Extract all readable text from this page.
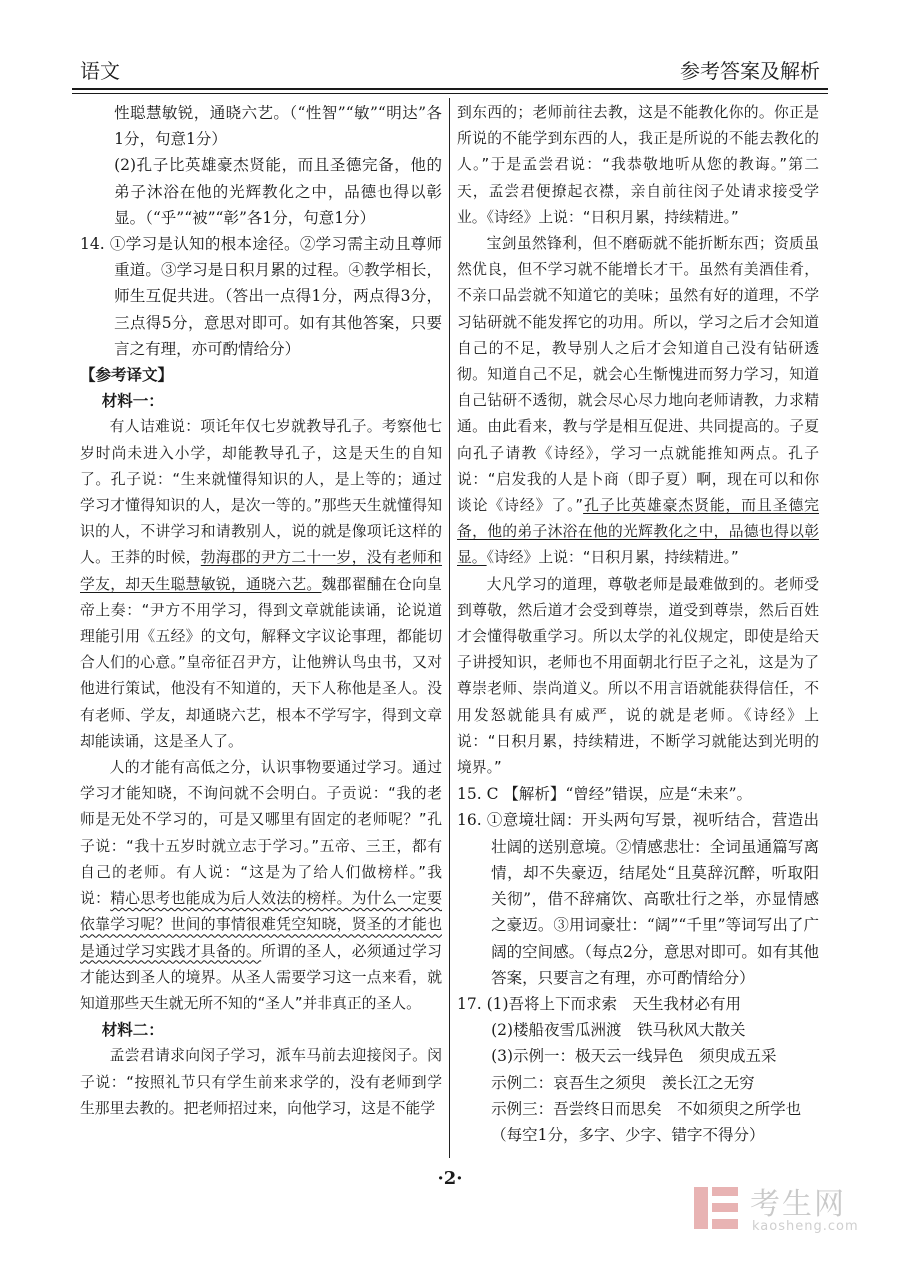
语文	参考答案及解析

性聪慧敏锐，通晓六艺。（“性智”“敏”“明达”各1分，句意1分）

(2)孔子比英雄豪杰贤能，而且圣德完备，他的弟子沐浴在他的光辉教化之中，品德也得以彰显。（“乎”“被”“彰”各1分，句意1分）

14. ①学习是认知的根本途径。②学习需主动且尊师重道。③学习是日积月累的过程。④教学相长，师生互促共进。（答出一点得1分，两点得3分，三点得5分，意思对即可。如有其他答案，只要言之有理，亦可酌情给分）

【参考译文】

材料一：

有人诘难说：项讬年仅七岁就教导孔子。考察他七岁时尚未进入小学，却能教导孔子，这是天生的自知了。孔子说：“生来就懂得知识的人，是上等的；通过学习才懂得知识的人，是次一等的。”那些天生就懂得知识的人，不讲学习和请教别人，说的就是像项讬这样的人。王莽的时候，勃海郡的尹方二十一岁，没有老师和学友，却天生聪慧敏锐，通晓六艺。魏郡翟酺在仓向皇帝上奏：“尹方不用学习，得到文章就能读诵，论说道理能引用《五经》的文句，解释文字议论事理，都能切合人们的心意。”皇帝征召尹方，让他辨认鸟虫书，又对他进行策试，他没有不知道的，天下人称他是圣人。没有老师、学友，却通晓六艺，根本不学写字，得到文章却能读诵，这是圣人了。

人的才能有高低之分，认识事物要通过学习。通过学习才能知晓，不询问就不会明白。子贡说：“我的老师是无处不学习的，可是又哪里有固定的老师呢？”孔子说：“我十五岁时就立志于学习。”五帝、三王，都有自己的老师。有人说：“这是为了给人们做榜样。”我说：精心思考也能成为后人效法的榜样。为什么一定要依靠学习呢？世间的事情很难凭空知晓，贤圣的才能也是通过学习实践才具备的。所谓的圣人，必须通过学习才能达到圣人的境界。从圣人需要学习这一点来看，就知道那些天生就无所不知的“圣人”并非真正的圣人。

材料二：

孟尝君请求向闵子学习，派车马前去迎接闵子。闵子说：“按照礼节只有学生前来求学的，没有老师到学生那里去教的。把老师招过来，向他学习，这是不能学

到东西的；老师前往去教，这是不能教化你的。你正是所说的不能学到东西的人，我正是所说的不能去教化的人。”于是孟尝君说：“我恭敬地听从您的教诲。”第二天，孟尝君便撩起衣襟，亲自前往闵子处请求接受学业。《诗经》上说：“日积月累，持续精进。”

宝剑虽然锋利，但不磨砺就不能折断东西；资质虽然优良，但不学习就不能增长才干。虽然有美酒佳肴，不亲口品尝就不知道它的美味；虽然有好的道理，不学习钻研就不能发挥它的功用。所以，学习之后才会知道自己的不足，教导别人之后才会知道自己没有钻研透彻。知道自己不足，就会心生惭愧进而努力学习，知道自己钻研不透彻，就会尽心尽力地向老师请教，力求精通。由此看来，教与学是相互促进、共同提高的。子夏向孔子请教《诗经》，学习一点就能推知两点。孔子说：“启发我的人是卜商（即子夏）啊，现在可以和你谈论《诗经》了。”孔子比英雄豪杰贤能，而且圣德完备，他的弟子沐浴在他的光辉教化之中，品德也得以彰显。《诗经》上说：“日积月累，持续精进。”

大凡学习的道理，尊敬老师是最难做到的。老师受到尊敬，然后道才会受到尊崇，道受到尊崇，然后百姓才会懂得敬重学习。所以太学的礼仪规定，即使是给天子讲授知识，老师也不用面朝北行臣子之礼，这是为了尊崇老师、崇尚道义。所以不用言语就能获得信任，不用发怒就能具有威严，说的就是老师。《诗经》上说：“日积月累，持续精进，不断学习就能达到光明的境界。”

15. C 【解析】“曾经”错误，应是“未来”。

16. ①意境壮阔：开头两句写景，视听结合，营造出壮阔的送别意境。②情感悲壮：全词虽通篇写离情，却不失豪迈，结尾处“且莫辞沉醉，听取阳关彻”，借不辞痛饮、高歌壮行之举，亦显情感之豪迈。③用词豪壮：“阔”“千里”等词写出了广阔的空间感。（每点2分，意思对即可。如有其他答案，只要言之有理，亦可酌情给分）

17. (1)吾将上下而求索　天生我材必有用

(2)楼船夜雪瓜洲渡　铁马秋风大散关

(3)示例一：极天云一线异色　须臾成五采

示例二：哀吾生之须臾　羡长江之无穷

示例三：吾尝终日而思矣　不如须臾之所学也

（每空1分，多字、少字、错字不得分）

·2·
考生网
kaosheng.com
